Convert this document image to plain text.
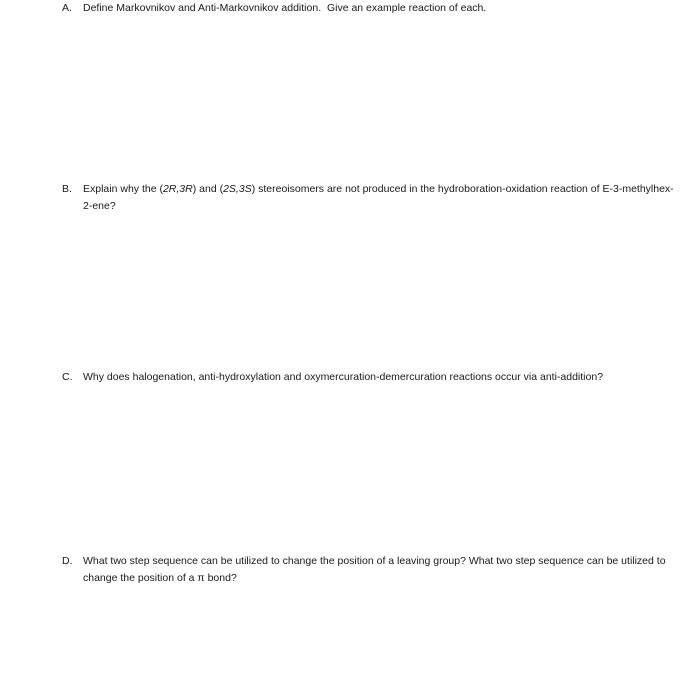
A.	Define Markovnikov and Anti-Markovnikov addition.  Give an example reaction of each.
B.	Explain why the (2R,3R) and (2S,3S) stereoisomers are not produced in the hydroboration-oxidation reaction of E-3-methylhex-2-ene?
C.	Why does halogenation, anti-hydroxylation and oxymercuration-demercuration reactions occur via anti-addition?
D.	What two step sequence can be utilized to change the position of a leaving group? What two step sequence can be utilized to change the position of a π bond?
